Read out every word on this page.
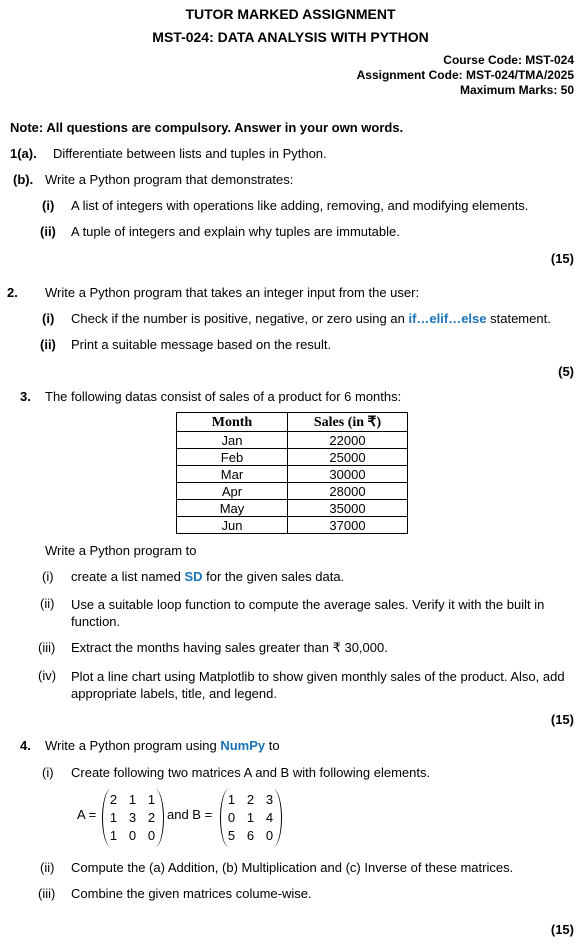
TUTOR MARKED ASSIGNMENT
MST-024: DATA ANALYSIS WITH PYTHON
Course Code: MST-024
Assignment Code: MST-024/TMA/2025
Maximum Marks: 50
Note: All questions are compulsory. Answer in your own words.
1(a). Differentiate between lists and tuples in Python.
(b). Write a Python program that demonstrates:
(i) A list of integers with operations like adding, removing, and modifying elements.
(ii) A tuple of integers and explain why tuples are immutable.
(15)
2. Write a Python program that takes an integer input from the user:
(i) Check if the number is positive, negative, or zero using an if…elif…else statement.
(ii) Print a suitable message based on the result.
(5)
3. The following datas consist of sales of a product for 6 months:
Month	Sales (in ₹)
Jan	22000
Feb	25000
Mar	30000
Apr	28000
May	35000
Jun	37000
Write a Python program to
(i) create a list named SD for the given sales data.
(ii) Use a suitable loop function to compute the average sales. Verify it with the built in function.
(iii) Extract the months having sales greater than ₹ 30,000.
(iv) Plot a line chart using Matplotlib to show given monthly sales of the product. Also, add appropriate labels, title, and legend.
(15)
4. Write a Python program using NumPy to
(i) Create following two matrices A and B with following elements.
A =
2 1 1
1 3 2
1 0 0
and B =
1 2 3
0 1 4
5 6 0
(ii) Compute the (a) Addition, (b) Multiplication and (c) Inverse of these matrices.
(iii) Combine the given matrices colume-wise.
(15)
